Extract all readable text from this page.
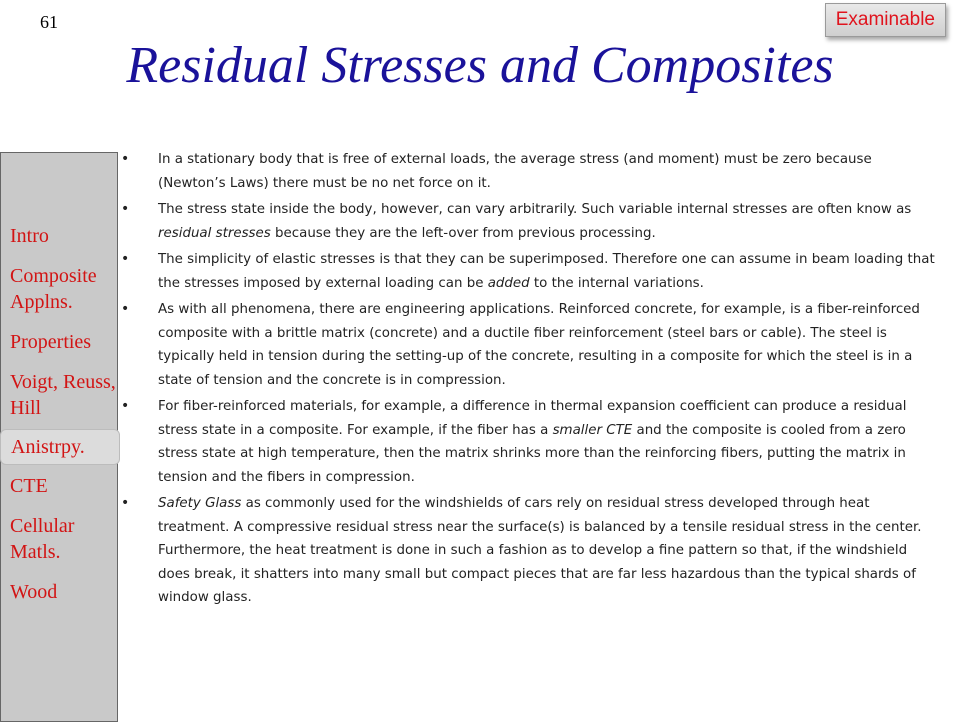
61	Examinable
Residual Stresses and Composites
Intro
Composite Applns.
Properties
Voigt, Reuss, Hill
Anistrpy.
CTE
Cellular Matls.
Wood
• In a stationary body that is free of external loads, the average stress (and moment) must be zero because (Newton’s Laws) there must be no net force on it.
• The stress state inside the body, however, can vary arbitrarily. Such variable internal stresses are often know as residual stresses because they are the left-over from previous processing.
• The simplicity of elastic stresses is that they can be superimposed. Therefore one can assume in beam loading that the stresses imposed by external loading can be added to the internal variations.
• As with all phenomena, there are engineering applications. Reinforced concrete, for example, is a fiber-reinforced composite with a brittle matrix (concrete) and a ductile fiber reinforcement (steel bars or cable). The steel is typically held in tension during the setting-up of the concrete, resulting in a composite for which the steel is in a state of tension and the concrete is in compression.
• For fiber-reinforced materials, for example, a difference in thermal expansion coefficient can produce a residual stress state in a composite. For example, if the fiber has a smaller CTE and the composite is cooled from a zero stress state at high temperature, then the matrix shrinks more than the reinforcing fibers, putting the matrix in tension and the fibers in compression.
• Safety Glass as commonly used for the windshields of cars rely on residual stress developed through heat treatment. A compressive residual stress near the surface(s) is balanced by a tensile residual stress in the center. Furthermore, the heat treatment is done in such a fashion as to develop a fine pattern so that, if the windshield does break, it shatters into many small but compact pieces that are far less hazardous than the typical shards of window glass.
